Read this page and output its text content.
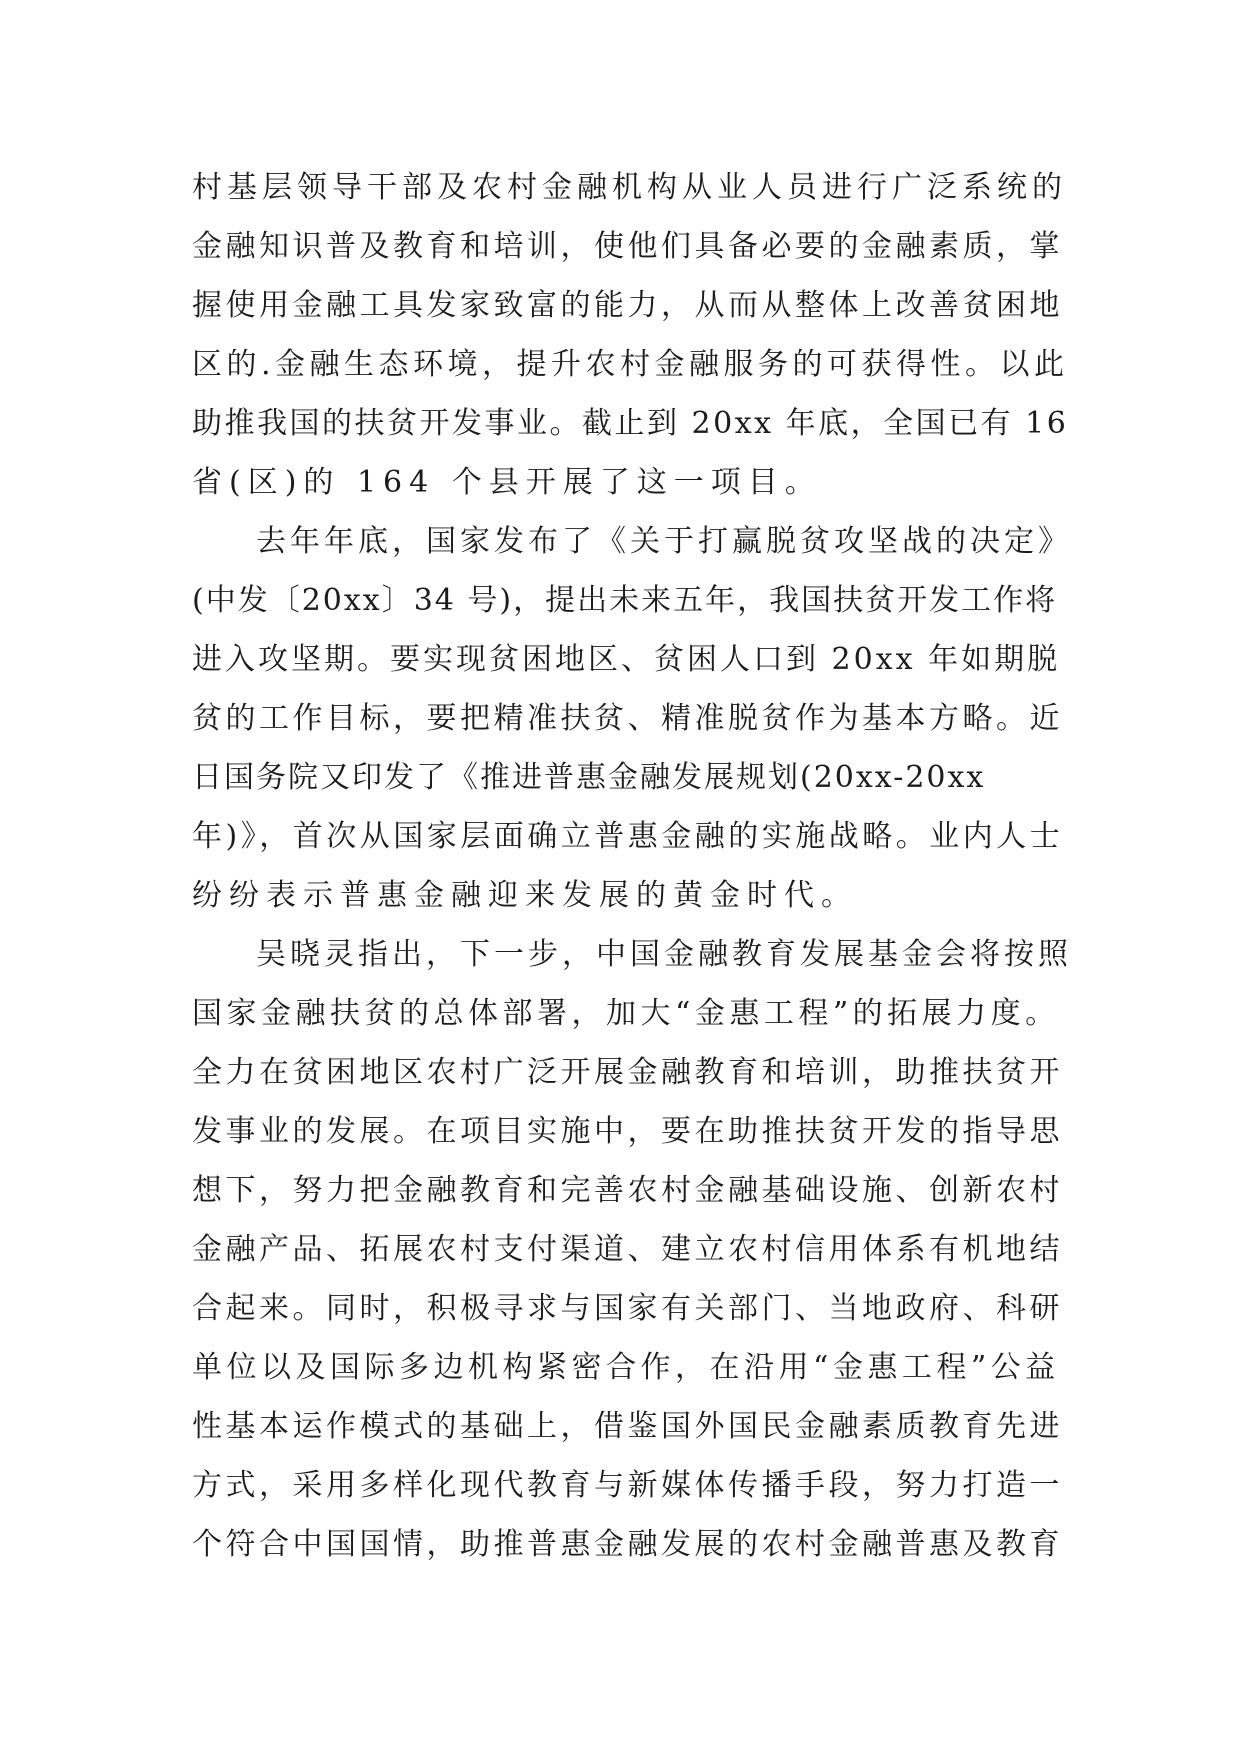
村基层领导干部及农村金融机构从业人员进行广泛系统的
金融知识普及教育和培训，使他们具备必要的金融素质，掌
握使用金融工具发家致富的能力，从而从整体上改善贫困地
区的.金融生态环境，提升农村金融服务的可获得性。以此
助推我国的扶贫开发事业。截止到 20xx 年底，全国已有 16
省(区)的 164 个县开展了这一项目。
去年年底，国家发布了《关于打赢脱贫攻坚战的决定》
(中发〔20xx〕34 号)，提出未来五年，我国扶贫开发工作将
进入攻坚期。要实现贫困地区、贫困人口到 20xx 年如期脱
贫的工作目标，要把精准扶贫、精准脱贫作为基本方略。近
日国务院又印发了《推进普惠金融发展规划(20xx-20xx
年)》，首次从国家层面确立普惠金融的实施战略。业内人士
纷纷表示普惠金融迎来发展的黄金时代。
吴晓灵指出，下一步，中国金融教育发展基金会将按照
国家金融扶贫的总体部署，加大“金惠工程”的拓展力度。
全力在贫困地区农村广泛开展金融教育和培训，助推扶贫开
发事业的发展。在项目实施中，要在助推扶贫开发的指导思
想下，努力把金融教育和完善农村金融基础设施、创新农村
金融产品、拓展农村支付渠道、建立农村信用体系有机地结
合起来。同时，积极寻求与国家有关部门、当地政府、科研
单位以及国际多边机构紧密合作，在沿用“金惠工程”公益
性基本运作模式的基础上，借鉴国外国民金融素质教育先进
方式，采用多样化现代教育与新媒体传播手段，努力打造一
个符合中国国情，助推普惠金融发展的农村金融普惠及教育
